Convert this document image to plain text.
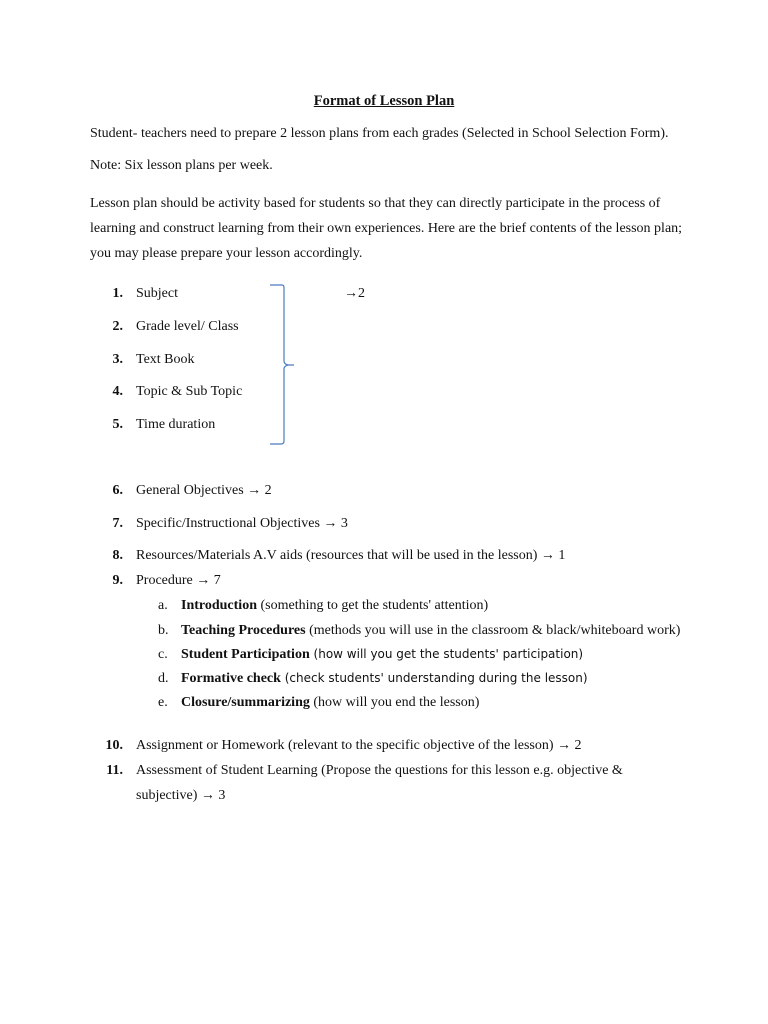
Format of Lesson Plan
Student- teachers need to prepare 2 lesson plans from each grades (Selected in School Selection Form).
Note: Six lesson plans per week.
Lesson plan should be activity based for students so that they can directly participate in the process of
learning and construct learning from their own experiences. Here are the brief contents of the lesson plan;
you may please prepare your lesson accordingly.
1. Subject	→2
2. Grade level/ Class
3. Text Book
4. Topic & Sub Topic
5. Time duration
6. General Objectives → 2
7. Specific/Instructional Objectives → 3
8. Resources/Materials A.V aids (resources that will be used in the lesson) → 1
9. Procedure → 7
a. Introduction (something to get the students' attention)
b. Teaching Procedures (methods you will use in the classroom & black/whiteboard work)
c. Student Participation (how will you get the students' participation)
d. Formative check (check students' understanding during the lesson)
e. Closure/summarizing (how will you end the lesson)
10. Assignment or Homework (relevant to the specific objective of the lesson) → 2
11. Assessment of Student Learning (Propose the questions for this lesson e.g. objective &
subjective) → 3
